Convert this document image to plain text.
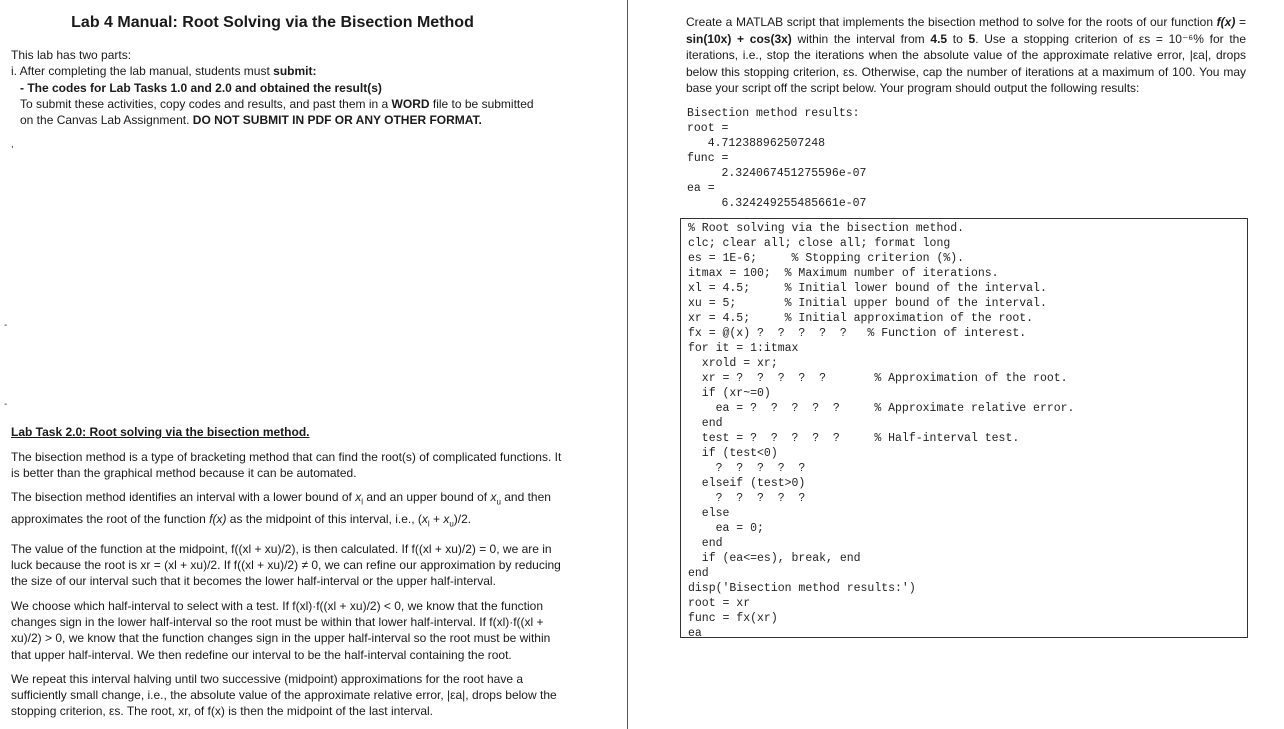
Lab 4 Manual: Root Solving via the Bisection Method
This lab has two parts:
i. After completing the lab manual, students must submit:
- The codes for Lab Tasks 1.0 and 2.0 and obtained the result(s)
To submit these activities, copy codes and results, and past them in a WORD file to be submitted
on the Canvas Lab Assignment. DO NOT SUBMIT IN PDF OR ANY OTHER FORMAT.
,
-
-
Lab Task 2.0: Root solving via the bisection method.

The bisection method is a type of bracketing method that can find the root(s) of complicated functions. It is better than the graphical method because it can be automated.

The bisection method identifies an interval with a lower bound of $x_l$ and an upper bound of $x_u$ and then approximates the root of the function f(x) as the midpoint of this interval, i.e., $(x_l + x_u)/2$.

The value of the function at the midpoint, f((xl + xu)/2), is then calculated. If f((xl + xu)/2) = 0, we are in luck because the root is xr = (xl + xu)/2. If f((xl + xu)/2) ≠ 0, we can refine our approximation by reducing the size of our interval such that it becomes the lower half-interval or the upper half-interval.

We choose which half-interval to select with a test. If f(xl)·f((xl + xu)/2) < 0, we know that the function changes sign in the lower half-interval so the root must be within that lower half-interval. If f(xl)·f((xl + xu)/2) > 0, we know that the function changes sign in the upper half-interval so the root must be within that upper half-interval. We then redefine our interval to be the half-interval containing the root.

We repeat this interval halving until two successive (midpoint) approximations for the root have a sufficiently small change, i.e., the absolute value of the approximate relative error, |εa|, drops below the stopping criterion, εs. The root, xr, of f(x) is then the midpoint of the last interval.

Create a MATLAB script that implements the bisection method to solve for the roots of our function f(x) = sin(10x) + cos(3x) within the interval from 4.5 to 5. Use a stopping criterion of εs = 10⁻⁶% for the iterations, i.e., stop the iterations when the absolute value of the approximate relative error, |εa|, drops below this stopping criterion, εs. Otherwise, cap the number of iterations at a maximum of 100. You may base your script off the script below. Your program should output the following results:
Bisection method results:
root =
4.712388962507248
func =
2.324067451275596e-07
ea =
6.324249255485661e-07
% Root solving via the bisection method.
clc; clear all; close all; format long
es = 1E-6;     % Stopping criterion (%).
itmax = 100;  % Maximum number of iterations.
xl = 4.5;     % Initial lower bound of the interval.
xu = 5;       % Initial upper bound of the interval.
xr = 4.5;     % Initial approximation of the root.
fx = @(x) ?  ?  ?  ?  ?   % Function of interest.
for it = 1:itmax
xrold = xr;
xr = ?  ?  ?  ?  ?       % Approximation of the root.
if (xr~=0)
ea = ?  ?  ?  ?  ?     % Approximate relative error.
end
test = ?  ?  ?  ?  ?     % Half-interval test.
if (test<0)
?  ?  ?  ?  ?
elseif (test>0)
?  ?  ?  ?  ?
else
ea = 0;
end
if (ea<=es), break, end
end
disp('Bisection method results:')
root = xr
func = fx(xr)
ea
